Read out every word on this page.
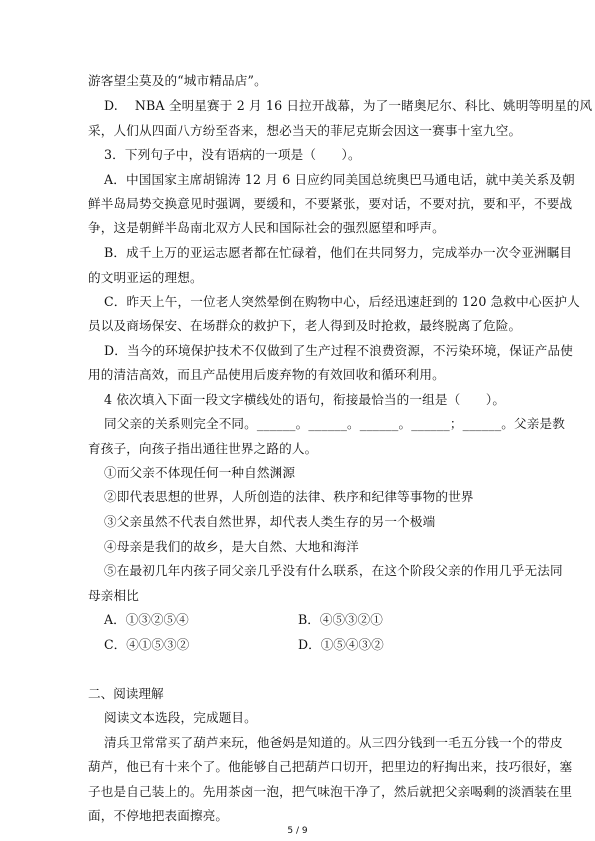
游客望尘莫及的“城市精品店”。
D.　 NBA 全明星赛于 2 月 16 日拉开战幕，为了一睹奥尼尔、科比、姚明等明星的风
采，人们从四面八方纷至沓来，想必当天的菲尼克斯会因这一赛事十室九空。
3．下列句子中，没有语病的一项是（　　）。
A．中国国家主席胡锦涛 12 月 6 日应约同美国总统奥巴马通电话，就中美关系及朝
鲜半岛局势交换意见时强调，要缓和，不要紧张，要对话，不要对抗，要和平，不要战
争，这是朝鲜半岛南北双方人民和国际社会的强烈愿望和呼声。
B．成千上万的亚运志愿者都在忙碌着，他们在共同努力，完成举办一次令亚洲瞩目
的文明亚运的理想。
C．昨天上午，一位老人突然晕倒在购物中心，后经迅速赶到的 120 急救中心医护人
员以及商场保安、在场群众的救护下，老人得到及时抢救，最终脱离了危险。
D．当今的环境保护技术不仅做到了生产过程不浪费资源，不污染环境，保证产品使
用的清洁高效，而且产品使用后废弃物的有效回收和循环利用。
4 依次填入下面一段文字横线处的语句，衔接最恰当的一组是（　　）。
同父亲的关系则完全不同。______。______。______。______；______。父亲是教
育孩子，向孩子指出通往世界之路的人。
①而父亲不体现任何一种自然渊源
②即代表思想的世界，人所创造的法律、秩序和纪律等事物的世界
③父亲虽然不代表自然世界，却代表人类生存的另一个极端
④母亲是我们的故乡，是大自然、大地和海洋
⑤在最初几年内孩子同父亲几乎没有什么联系，在这个阶段父亲的作用几乎无法同
母亲相比
A．①③②⑤④	B．④⑤③②①
C．④①⑤③②	D．①⑤④③②
二、阅读理解
阅读文本选段，完成题目。
清兵卫常常买了葫芦来玩，他爸妈是知道的。从三四分钱到一毛五分钱一个的带皮
葫芦，他已有十来个了。他能够自己把葫芦口切开，把里边的籽掏出来，技巧很好，塞
子也是自己装上的。先用茶卤一泡，把气味泡干净了，然后就把父亲喝剩的淡酒装在里
面，不停地把表面擦亮。
5 / 9
